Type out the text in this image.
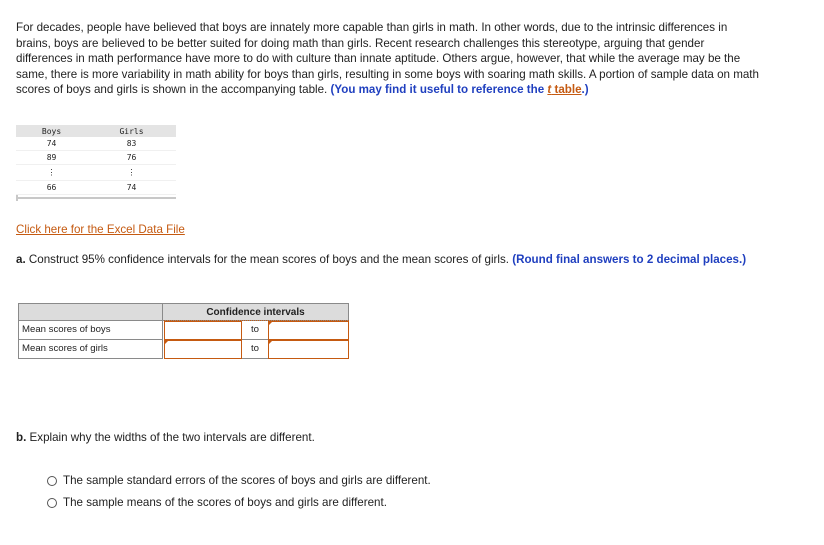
For decades, people have believed that boys are innately more capable than girls in math. In other words, due to the intrinsic differences in brains, boys are believed to be better suited for doing math than girls. Recent research challenges this stereotype, arguing that gender differences in math performance have more to do with culture than innate aptitude. Others argue, however, that while the average may be the same, there is more variability in math ability for boys than girls, resulting in some boys with soaring math skills. A portion of sample data on math scores of boys and girls is shown in the accompanying table. (You may find it useful to reference the t table.)

Boys	Girls
74	83
89	76
⋮	⋮
66	74
Click here for the Excel Data File

a. Construct 95% confidence intervals for the mean scores of boys and the mean scores of girls. (Round final answers to 2 decimal places.)

Confidence intervals
Mean scores of boys	to
Mean scores of girls	to

b. Explain why the widths of the two intervals are different.

The sample standard errors of the scores of boys and girls are different.
The sample means of the scores of boys and girls are different.
